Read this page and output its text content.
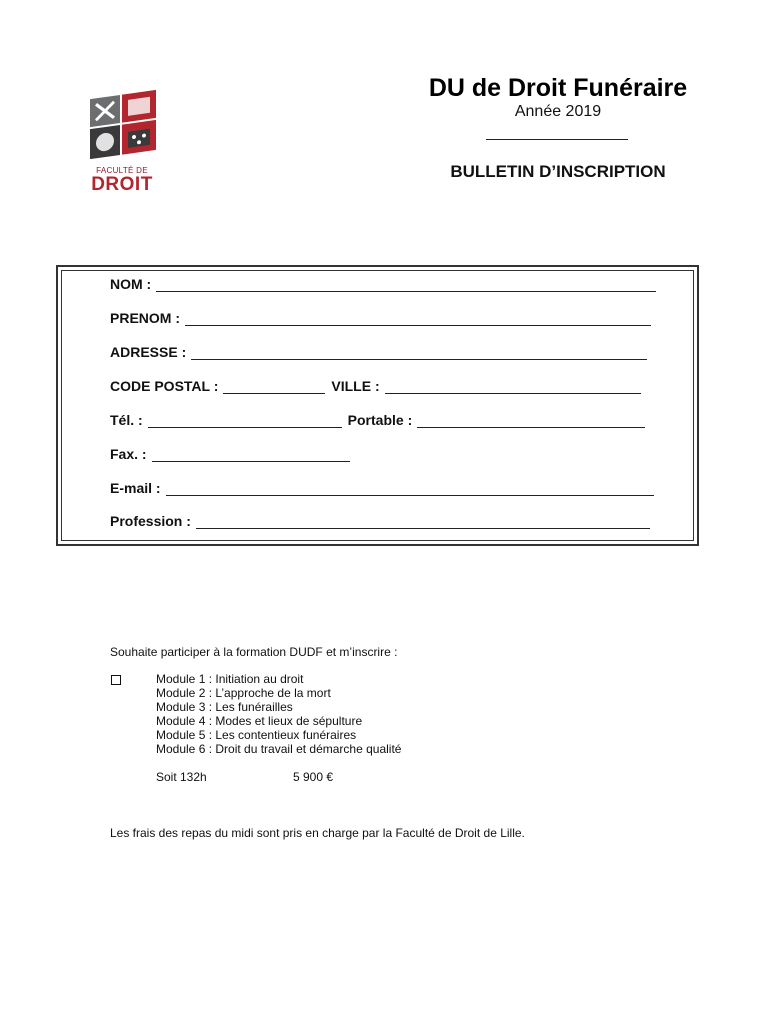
FACULTÉ DE
DROIT
DU de Droit Funéraire
Année 2019
BULLETIN D’INSCRIPTION
NOM :
PRENOM :
ADRESSE :
CODE POSTAL :	VILLE :
Tél. :	Portable :
Fax. :
E-mail :
Profession :
Souhaite participer à la formation DUDF et m’inscrire :
Module 1 : Initiation au droit
Module 2 : L’approche de la mort
Module 3 : Les funérailles
Module 4 : Modes et lieux de sépulture
Module 5 : Les contentieux funéraires
Module 6 : Droit du travail et démarche qualité
Soit 132h	5 900 €
Les frais des repas du midi sont pris en charge par la Faculté de Droit de Lille.
